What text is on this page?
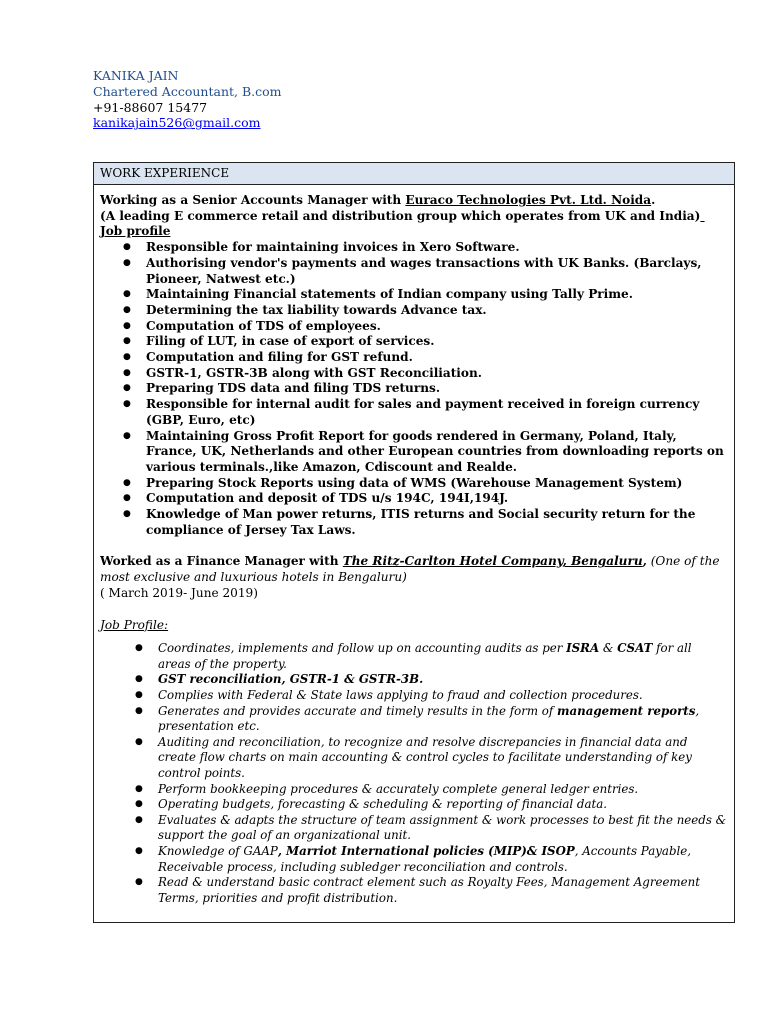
KANIKA JAIN
Chartered Accountant, B.com
+91-88607 15477
kanikajain526@gmail.com
WORK EXPERIENCE
Working as a Senior Accounts Manager with Euraco Technologies Pvt. Ltd. Noida.
(A leading E commerce retail and distribution group which operates from UK and India)
Job profile
● Responsible for maintaining invoices in Xero Software.
● Authorising vendor's payments and wages transactions with UK Banks. (Barclays, Pioneer, Natwest etc.)
● Maintaining Financial statements of Indian company using Tally Prime.
● Determining the tax liability towards Advance tax.
● Computation of TDS of employees.
● Filing of LUT, in case of export of services.
● Computation and filing for GST refund.
● GSTR-1, GSTR-3B along with GST Reconciliation.
● Preparing TDS data and filing TDS returns.
● Responsible for internal audit for sales and payment received in foreign currency (GBP, Euro, etc)
● Maintaining Gross Profit Report for goods rendered in Germany, Poland, Italy, France, UK, Netherlands and other European countries from downloading reports on various terminals.,like Amazon, Cdiscount and Realde.
● Preparing Stock Reports using data of WMS (Warehouse Management System)
● Computation and deposit of TDS u/s 194C, 194I,194J.
● Knowledge of Man power returns, ITIS returns and Social security return for the compliance of Jersey Tax Laws.
Worked as a Finance Manager with The Ritz-Carlton Hotel Company, Bengaluru, (One of the most exclusive and luxurious hotels in Bengaluru)
( March 2019- June 2019)
Job Profile:
● Coordinates, implements and follow up on accounting audits as per ISRA & CSAT for all areas of the property.
● GST reconciliation, GSTR-1 & GSTR-3B.
● Complies with Federal & State laws applying to fraud and collection procedures.
● Generates and provides accurate and timely results in the form of management reports, presentation etc.
● Auditing and reconciliation, to recognize and resolve discrepancies in financial data and create flow charts on main accounting & control cycles to facilitate understanding of key control points.
● Perform bookkeeping procedures & accurately complete general ledger entries.
● Operating budgets, forecasting & scheduling & reporting of financial data.
● Evaluates & adapts the structure of team assignment & work processes to best fit the needs & support the goal of an organizational unit.
● Knowledge of GAAP, Marriot International policies (MIP)& ISOP, Accounts Payable, Receivable process, including subledger reconciliation and controls.
● Read & understand basic contract element such as Royalty Fees, Management Agreement Terms, priorities and profit distribution.
